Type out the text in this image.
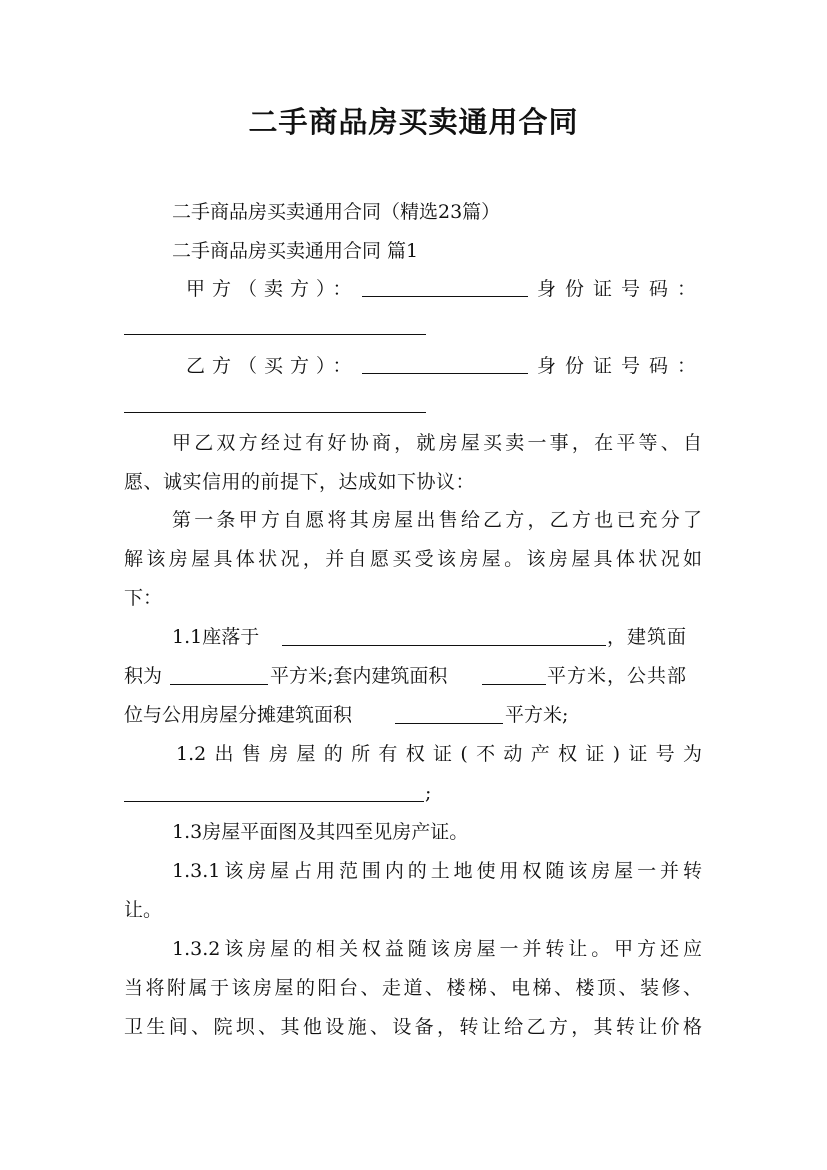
二手商品房买卖通用合同
二手商品房买卖通用合同（精选23篇）
二手商品房买卖通用合同 篇1
甲方（卖方）：	身份证号码：
乙方（买方）：	身份证号码：
甲乙双方经过有好协商，就房屋买卖一事，在平等、自
愿、诚实信用的前提下，达成如下协议：
第一条甲方自愿将其房屋出售给乙方，乙方也已充分了
解该房屋具体状况，并自愿买受该房屋。该房屋具体状况如
下：
1.1座落于	，建筑面
积为	平方米;套内建筑面积	平方米，公共部
位与公用房屋分摊建筑面积	平方米;
1.2出售房屋的所有权证(不动产权证)证号为
;
1.3房屋平面图及其四至见房产证。
1.3.1该房屋占用范围内的土地使用权随该房屋一并转
让。
1.3.2该房屋的相关权益随该房屋一并转让。甲方还应
当将附属于该房屋的阳台、走道、楼梯、电梯、楼顶、装修、
卫生间、院坝、其他设施、设备，转让给乙方，其转让价格
